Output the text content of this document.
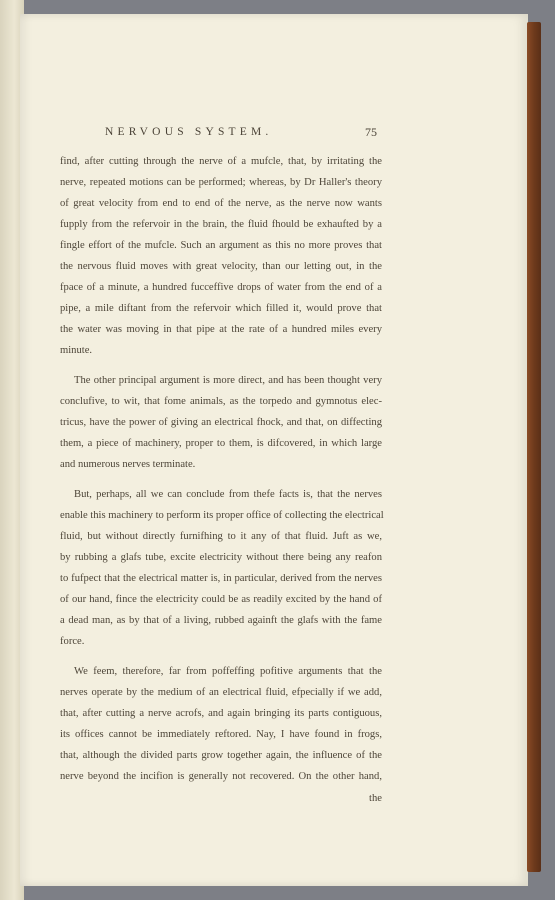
NERVOUS SYSTEM.	75
find, after cutting through the nerve of a mufcle, that, by irritating the
nerve, repeated motions can be performed; whereas, by Dr Haller's theory
of great velocity from end to end of the nerve, as the nerve now wants
fupply from the refervoir in the brain, the fluid fhould be exhaufted by a
fingle effort of the mufcle. Such an argument as this no more proves that
the nervous fluid moves with great velocity, than our letting out, in the
fpace of a minute, a hundred fucceffive drops of water from the end of a
pipe, a mile diftant from the refervoir which filled it, would prove that
the water was moving in that pipe at the rate of a hundred miles every
minute.
The other principal argument is more direct, and has been thought very
conclufive, to wit, that fome animals, as the torpedo and gymnotus elec-
tricus, have the power of giving an electrical fhock, and that, on diffecting
them, a piece of machinery, proper to them, is difcovered, in which large
and numerous nerves terminate.
But, perhaps, all we can conclude from thefe facts is, that the nerves
enable this machinery to perform its proper office of collecting the electrical
fluid, but without directly furnifhing to it any of that fluid. Juft as we,
by rubbing a glafs tube, excite electricity without there being any reafon
to fufpect that the electrical matter is, in particular, derived from the nerves
of our hand, fince the electricity could be as readily excited by the hand of
a dead man, as by that of a living, rubbed againft the glafs with the fame
force.
We feem, therefore, far from poffeffing pofitive arguments that the
nerves operate by the medium of an electrical fluid, efpecially if we add,
that, after cutting a nerve acrofs, and again bringing its parts contiguous,
its offices cannot be immediately reftored. Nay, I have found in frogs,
that, although the divided parts grow together again, the influence of the
nerve beyond the incifion is generally not recovered. On the other hand,
the
